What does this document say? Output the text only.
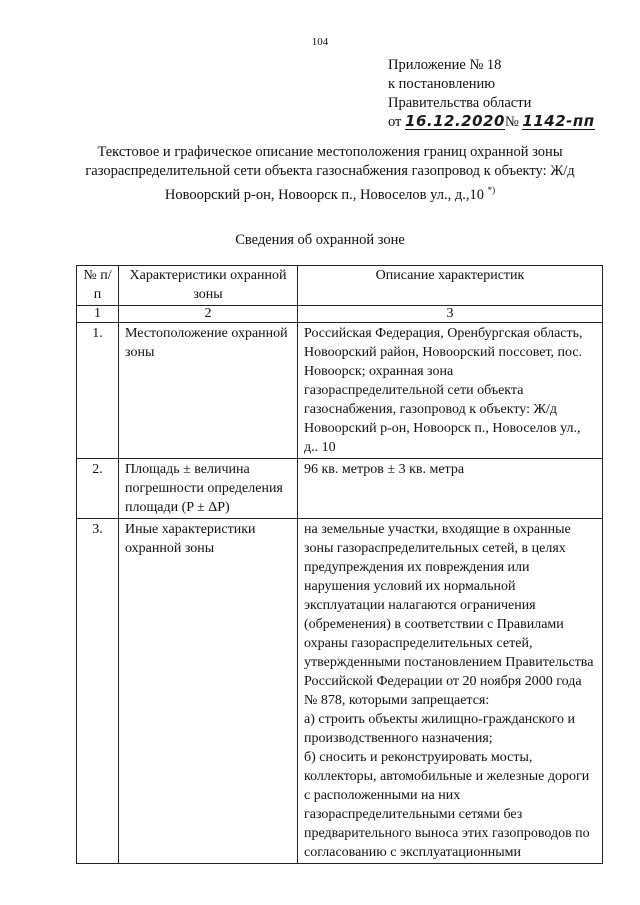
104
Приложение № 18
к постановлению
Правительства области
от 16.12.2020№ 1142-пп
Текстовое и графическое описание местоположения границ охранной зоны газораспределительной сети объекта газоснабжения газопровод к объекту: Ж/д Новоорский р-он, Новоорск п., Новоселов ул., д.,10 *)
Сведения об охранной зоне
№ п/п	Характеристики охранной зоны	Описание характеристик
1	2	3
1.	Местоположение охранной зоны	Российская Федерация, Оренбургская область, Новоорский район, Новоорский поссовет, пос. Новоорск; охранная зона газораспределительной сети объекта газоснабжения, газопровод к объекту: Ж/д Новоорский р-он, Новоорск п., Новоселов ул., д.. 10
2.	Площадь ± величина погрешности определения площади (P ± ΔP)	96 кв. метров ± 3 кв. метра
3.	Иные характеристики охранной зоны	на земельные участки, входящие в охранные зоны газораспределительных сетей, в целях предупреждения их повреждения или нарушения условий их нормальной эксплуатации налагаются ограничения (обременения) в соответствии с Правилами охраны газораспределительных сетей, утвержденными постановлением Правительства Российской Федерации от 20 ноября 2000 года № 878, которыми запрещается:
а) строить объекты жилищно-гражданского и производственного назначения;
б) сносить и реконструировать мосты, коллекторы, автомобильные и железные дороги с расположенными на них газораспределительными сетями без предварительного выноса этих газопроводов по согласованию с эксплуатационными
